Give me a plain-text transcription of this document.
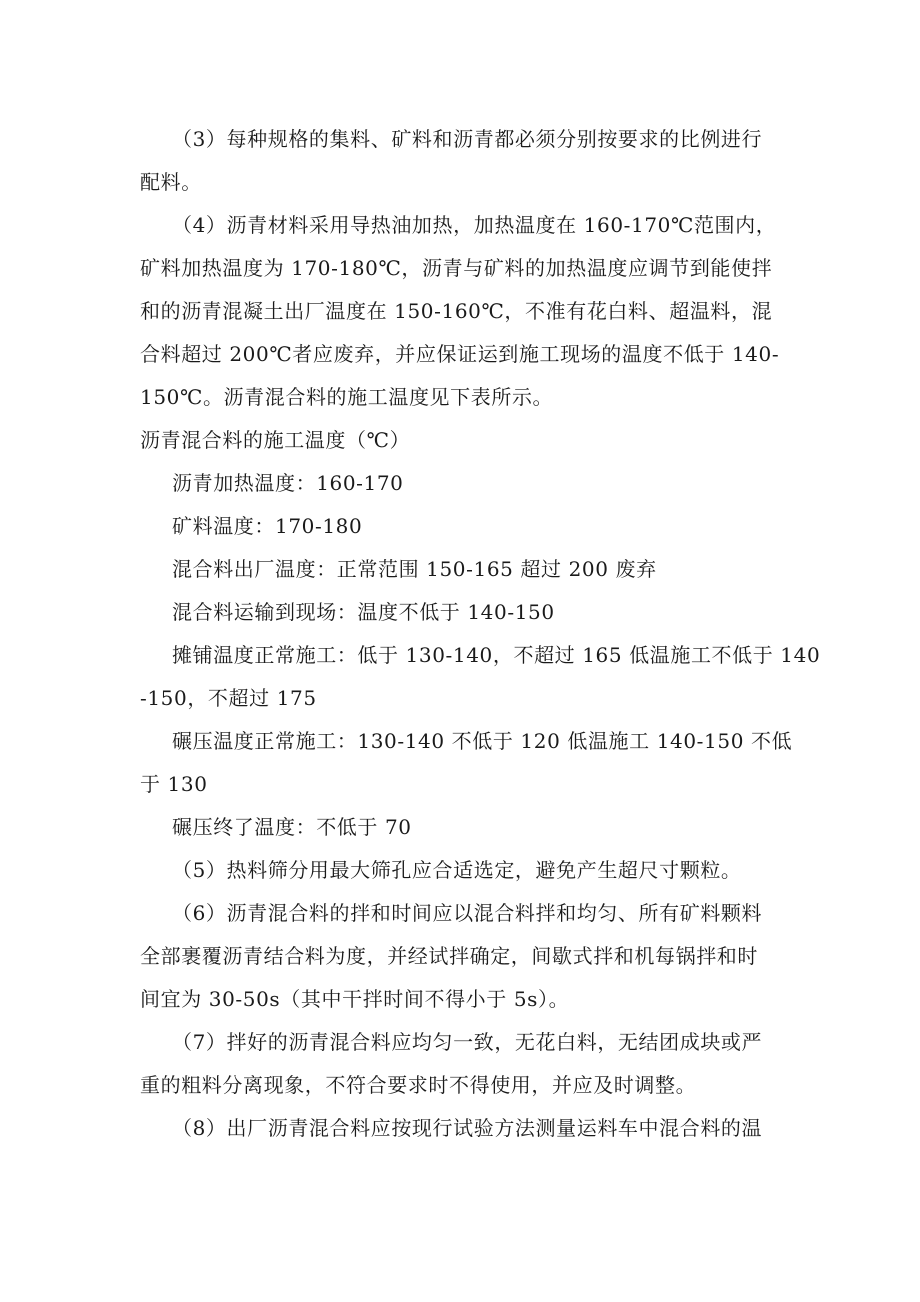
（3）每种规格的集料、矿料和沥青都必须分别按要求的比例进行
配料。
（4）沥青材料采用导热油加热，加热温度在 160-170℃范围内，
矿料加热温度为 170-180℃，沥青与矿料的加热温度应调节到能使拌
和的沥青混凝土出厂温度在 150-160℃，不准有花白料、超温料，混
合料超过 200℃者应废弃，并应保证运到施工现场的温度不低于 140-
150℃。沥青混合料的施工温度见下表所示。
沥青混合料的施工温度（℃）
沥青加热温度：160-170
矿料温度：170-180
混合料出厂温度：正常范围 150-165 超过 200 废弃
混合料运输到现场：温度不低于 140-150
摊铺温度正常施工：低于 130-140，不超过 165 低温施工不低于 140
-150，不超过 175
碾压温度正常施工：130-140 不低于 120 低温施工 140-150 不低
于 130
碾压终了温度：不低于 70
（5）热料筛分用最大筛孔应合适选定，避免产生超尺寸颗粒。
（6）沥青混合料的拌和时间应以混合料拌和均匀、所有矿料颗料
全部裹覆沥青结合料为度，并经试拌确定，间歇式拌和机每锅拌和时
间宜为 30-50s（其中干拌时间不得小于 5s）。
（7）拌好的沥青混合料应均匀一致，无花白料，无结团成块或严
重的粗料分离现象，不符合要求时不得使用，并应及时调整。
（8）出厂沥青混合料应按现行试验方法测量运料车中混合料的温
